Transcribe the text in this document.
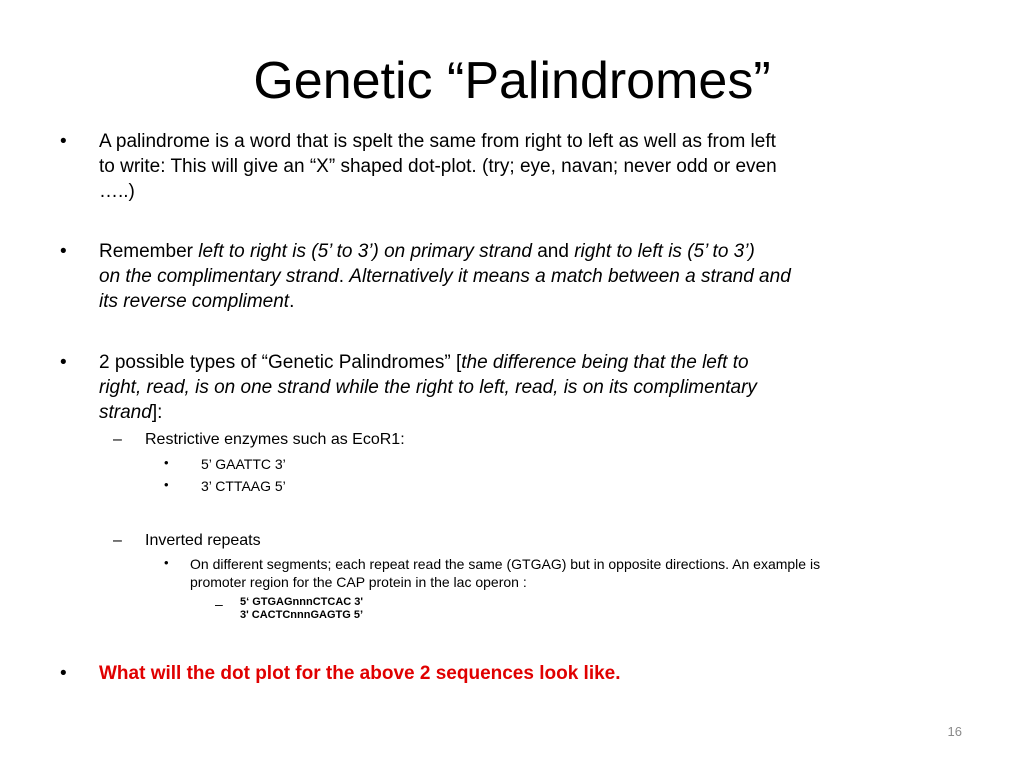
Genetic “Palindromes”
• A palindrome is a word that is spelt the same from right to left as well as from left
to write: This will give an “X” shaped dot-plot. (try; eye, navan; never odd or even
…..)
• Remember left to right is (5’ to 3’) on primary strand and right to left is (5’ to 3’)
on the complimentary strand. Alternatively it means a match between a strand and
its reverse compliment.
• 2 possible types of “Genetic Palindromes” [the difference being that the left to
right, read, is on one strand while the right to left, read, is on its complimentary
strand]:
– Restrictive enzymes such as EcoR1:
• 5’ GAATTC 3’
• 3’ CTTAAG 5’
– Inverted repeats
• On different segments; each repeat read the same (GTGAG) but in opposite directions. An example is
promoter region for the CAP protein in the lac operon :
– 5‘ GTGAGnnnCTCAC 3'
3' CACTCnnnGAGTG 5’
• What will the dot plot for the above 2 sequences look like.
16
